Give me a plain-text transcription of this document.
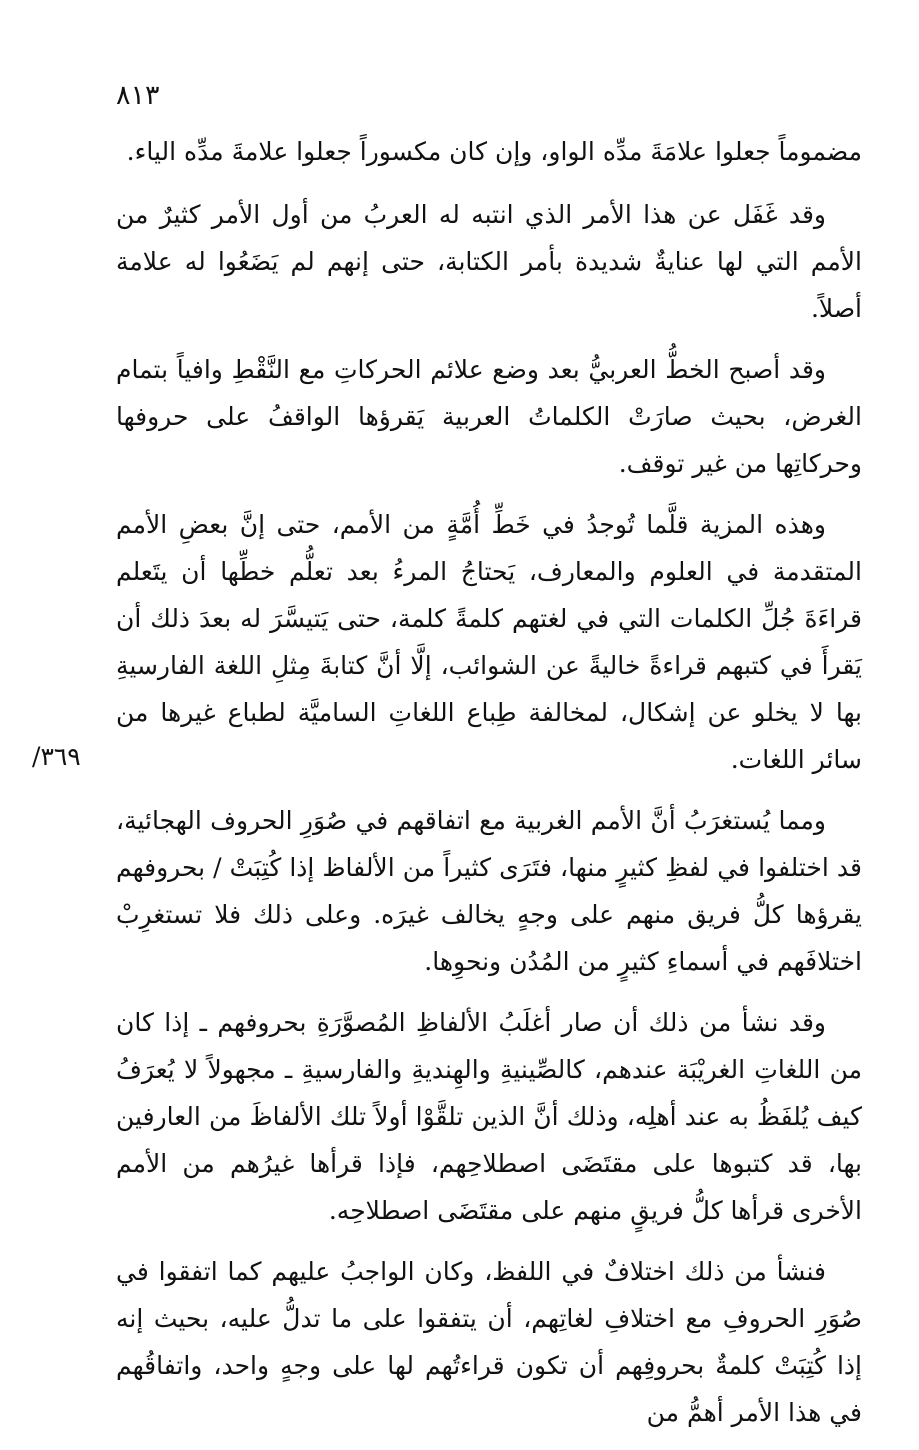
٨١٣
٣٦٩/

مضموماً جعلوا علامَةَ مدِّه الواو، وإن كان مكسوراً جعلوا علامةَ مدِّه الياء.

وقد غَفَل عن هذا الأمر الذي انتبه له العربُ من أول الأمر كثيرٌ من الأمم التي لها عنايةٌ شديدة بأمر الكتابة، حتى إنهم لم يَضَعُوا له علامة أصلاً.

وقد أصبح الخطُّ العربيُّ بعد وضع علائم الحركاتِ مع النَّقْطِ وافياً بتمام الغرض، بحيث صارَتْ الكلماتُ العربية يَقرؤها الواقفُ على حروفها وحركاتِها من غير توقف.

وهذه المزية قلَّما تُوجدُ في خَطِّ أُمَّةٍ من الأمم، حتى إنَّ بعضِ الأمم المتقدمة في العلوم والمعارف، يَحتاجُ المرءُ بعد تعلُّم خطِّها أن يتَعلم قراءَةَ جُلِّ الكلمات التي في لغتهم كلمةً كلمة، حتى يَتيسَّرَ له بعدَ ذلك أن يَقرأَ في كتبهم قراءةً خاليةً عن الشوائب، إلَّا أنَّ كتابةَ مِثلِ اللغة الفارسيةِ بها لا يخلو عن إشكال، لمخالفة طِباع اللغاتِ الساميَّة لطباع غيرها من سائر اللغات.

ومما يُستغرَبُ أنَّ الأمم الغربية مع اتفاقهم في صُوَرِ الحروف الهجائية، قد اختلفوا في لفظِ كثيرٍ منها، فتَرَى كثيراً من الألفاظ إذا كُتِبَتْ / بحروفهم يقرؤها كلُّ فريق منهم على وجهٍ يخالف غيرَه. وعلى ذلك فلا تستغرِبْ اختلافَهم في أسماءِ كثيرٍ من المُدُن ونحوِها.

وقد نشأ من ذلك أن صار أغلَبُ الألفاظِ المُصوَّرَةِ بحروفهم ـ إذا كان من اللغاتِ الغريْبَة عندهم، كالصِّينيةِ والهِنديةِ والفارسيةِ ـ مجهولاً لا يُعرَفُ كيف يُلفَظُ به عند أهلِه، وذلك أنَّ الذين تلقَّوْا أولاً تلك الألفاظَ من العارفين بها، قد كتبوها على مقتَضَى اصطلاحِهم، فإذا قرأها غيرُهم من الأمم الأخرى قرأها كلُّ فريقٍ منهم على مقتَضَى اصطلاحِه.

فنشأ من ذلك اختلافٌ في اللفظ، وكان الواجبُ عليهم كما اتفقوا في صُوَرِ الحروفِ مع اختلافِ لغاتِهم، أن يتفقوا على ما تدلُّ عليه، بحيث إنه إذا كُتِبَتْ كلمةٌ بحروفِهم أن تكون قراءتُهم لها على وجهٍ واحد، واتفاقُهم في هذا الأمر أهمُّ من
